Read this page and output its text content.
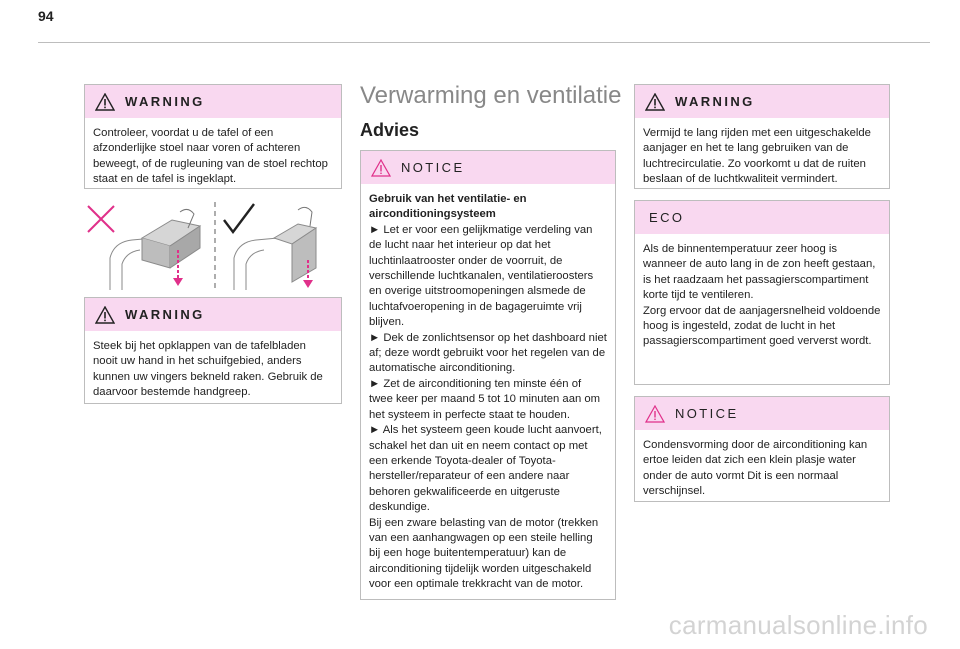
94
WARNING

Controleer, voordat u de tafel of een afzonderlijke stoel naar voren of achteren beweegt, of de rugleuning van de stoel rechtop staat en de tafel is ingeklapt.

WARNING

Steek bij het opklappen van de tafelbladen nooit uw hand in het schuifgebied, anders kunnen uw vingers bekneld raken. Gebruik de daarvoor bestemde handgreep.

Verwarming en ventilatie
Advies
NOTICE

Gebruik van het ventilatie- en airconditioningsysteem

► Let er voor een gelijkmatige verdeling van de lucht naar het interieur op dat het luchtinlaatrooster onder de voorruit, de verschillende luchtkanalen, ventilatieroosters en overige uitstroomopeningen alsmede de luchtafvoeropening in de bagageruimte vrij blijven.

► Dek de zonlichtsensor op het dashboard niet af; deze wordt gebruikt voor het regelen van de automatische airconditioning.

► Zet de airconditioning ten minste één of twee keer per maand 5 tot 10 minuten aan om het systeem in perfecte staat te houden.

► Als het systeem geen koude lucht aanvoert, schakel het dan uit en neem contact op met een erkende Toyota-dealer of Toyota-hersteller/reparateur of een andere naar behoren gekwalificeerde en uitgeruste deskundige.

Bij een zware belasting van de motor (trekken van een aanhangwagen op een steile helling bij een hoge buitentemperatuur) kan de airconditioning tijdelijk worden uitgeschakeld voor een optimale trekkracht van de motor.

WARNING

Vermijd te lang rijden met een uitgeschakelde aanjager en het te lang gebruiken van de luchtrecirculatie. Zo voorkomt u dat de ruiten beslaan of de luchtkwaliteit vermindert.

ECO

Als de binnentemperatuur zeer hoog is wanneer de auto lang in de zon heeft gestaan, is het raadzaam het passagierscompartiment korte tijd te ventileren.

Zorg ervoor dat de aanjagersnelheid voldoende hoog is ingesteld, zodat de lucht in het passagierscompartiment goed ververst wordt.

NOTICE

Condensvorming door de airconditioning kan ertoe leiden dat zich een klein plasje water onder de auto vormt Dit is een normaal verschijnsel.

carmanualsonline.info
